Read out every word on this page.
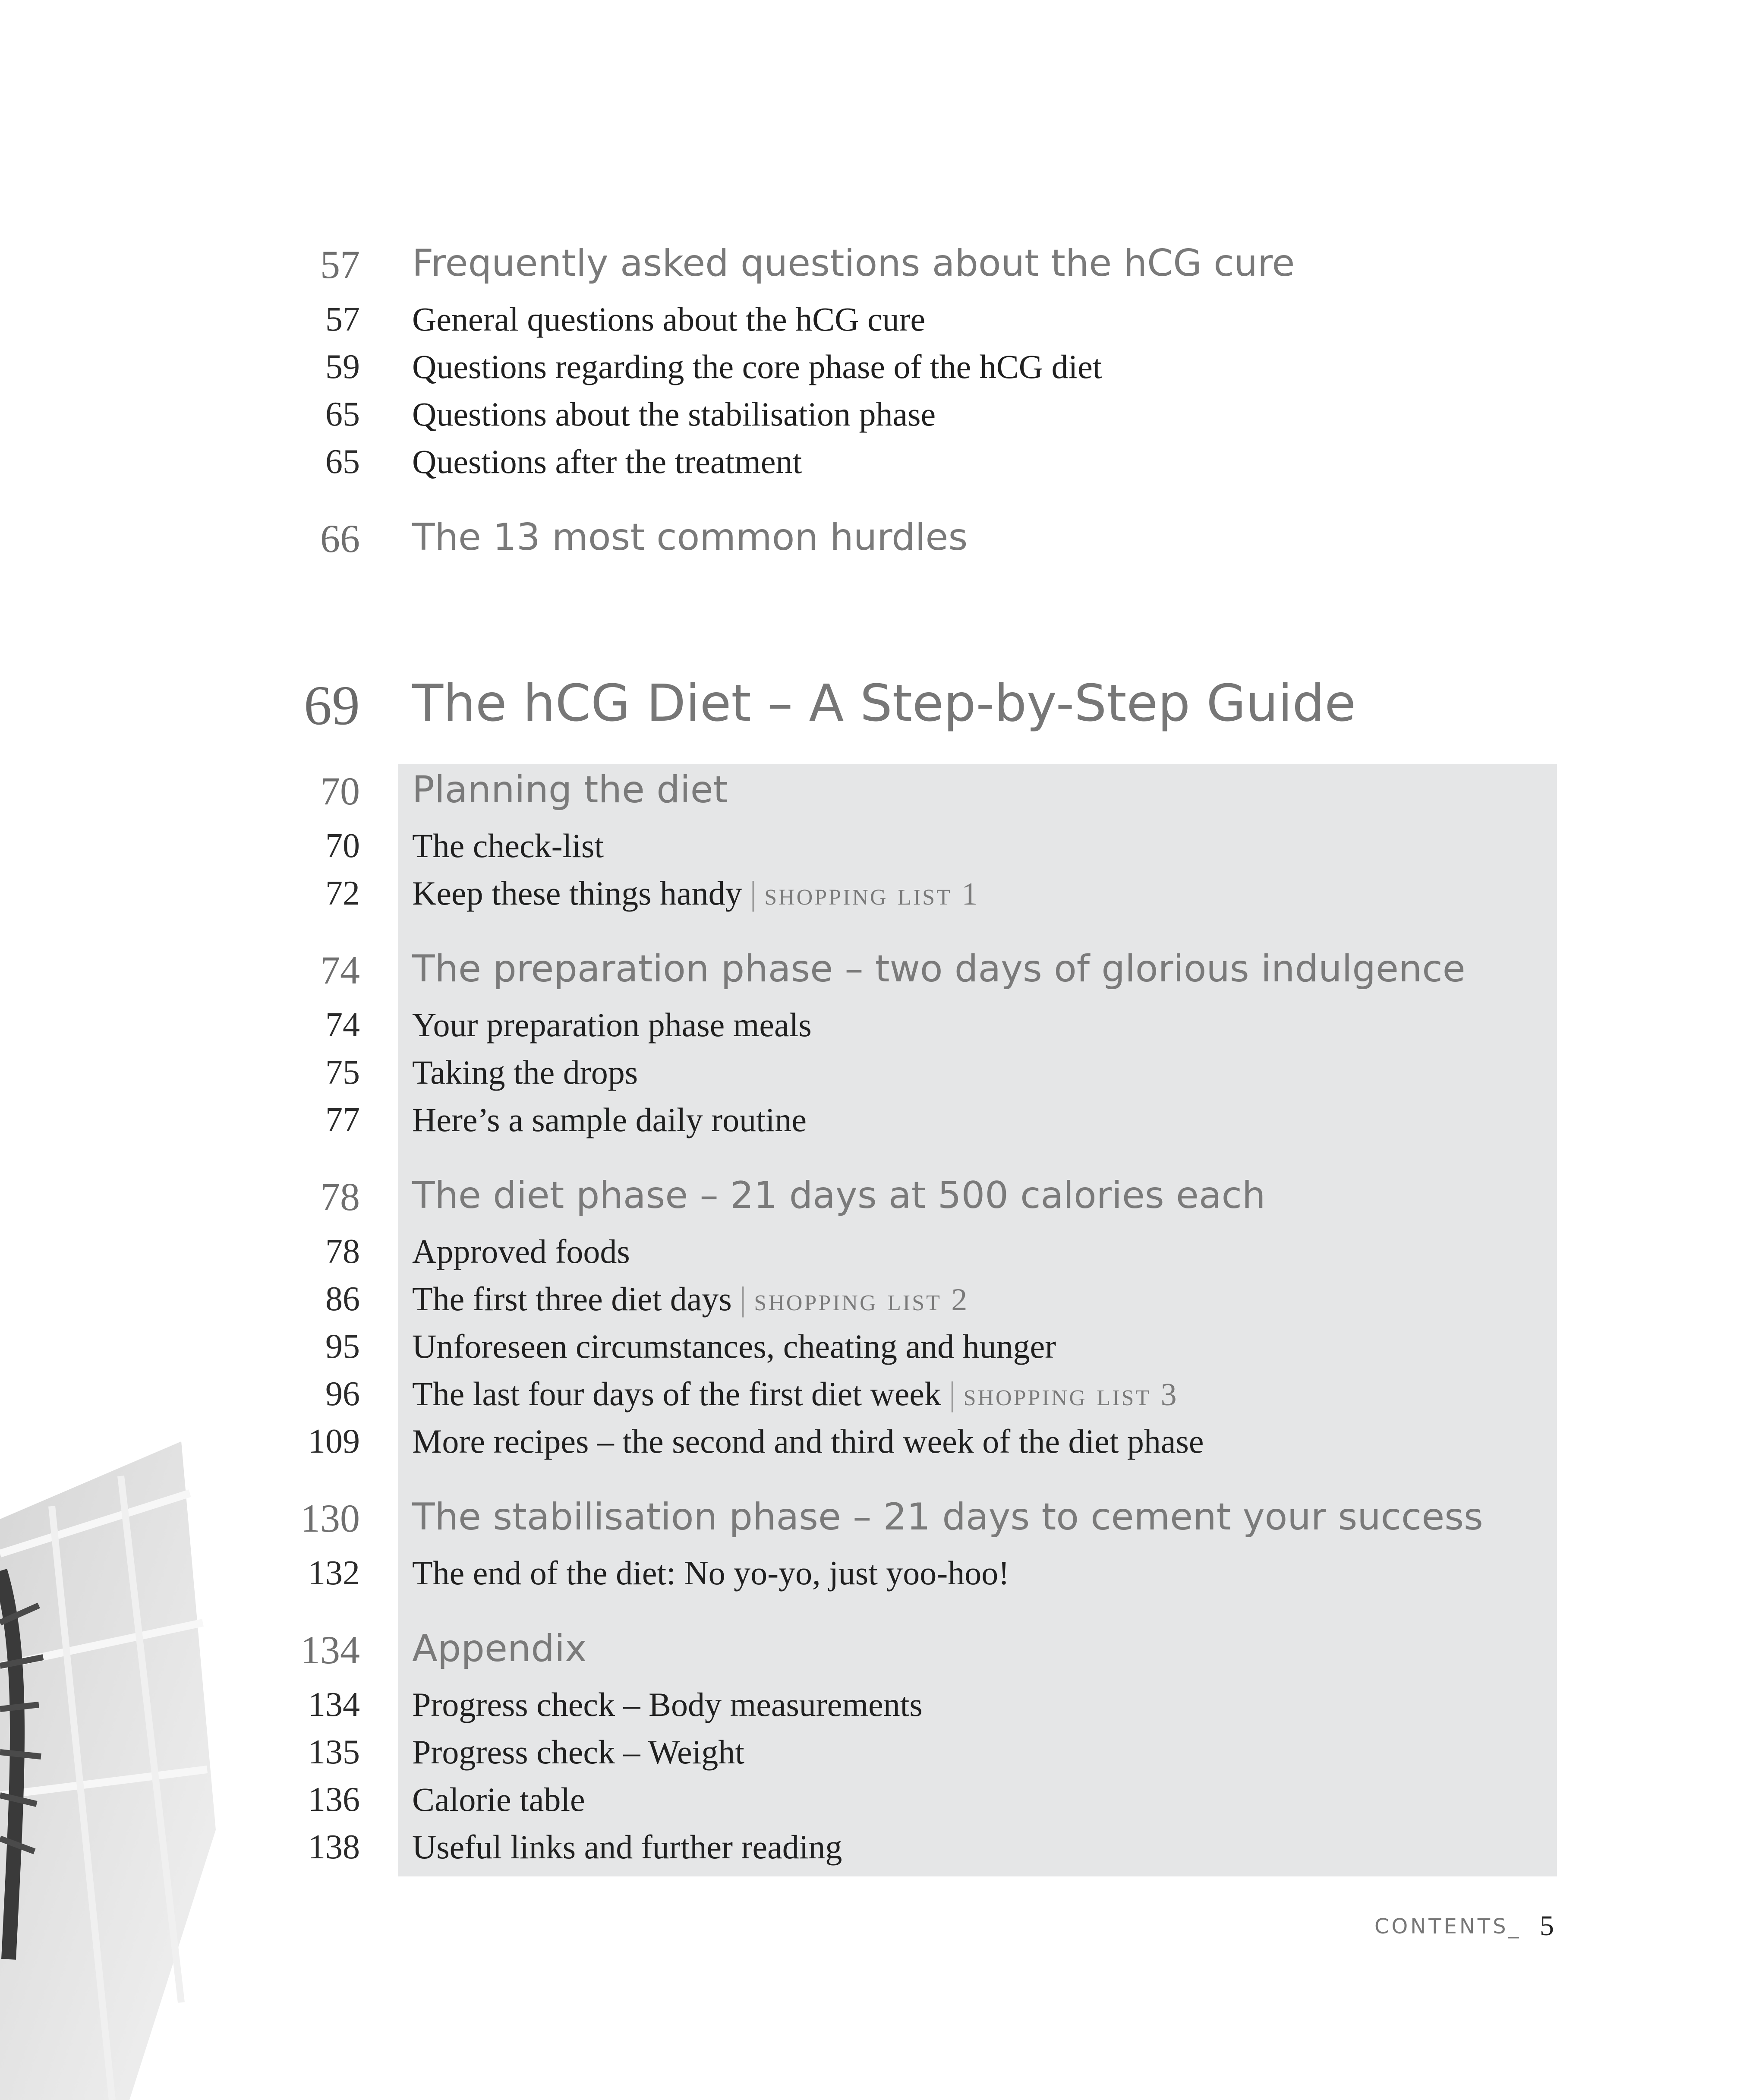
57 Frequently asked questions about the hCG cure
57 General questions about the hCG cure
59 Questions regarding the core phase of the hCG diet
65 Questions about the stabilisation phase
65 Questions after the treatment
66 The 13 most common hurdles
69 The hCG Diet – A Step-by-Step Guide
70 Planning the diet
70 The check-list
72 Keep these things handy | shopping list 1
74 The preparation phase – two days of glorious indulgence
74 Your preparation phase meals
75 Taking the drops
77 Here’s a sample daily routine
78 The diet phase – 21 days at 500 calories each
78 Approved foods
86 The first three diet days | shopping list 2
95 Unforeseen circumstances, cheating and hunger
96 The last four days of the first diet week | shopping list 3
109 More recipes – the second and third week of the diet phase
130 The stabilisation phase – 21 days to cement your success
132 The end of the diet: No yo-yo, just yoo-hoo!
134 Appendix
134 Progress check – Body measurements
135 Progress check – Weight
136 Calorie table
138 Useful links and further reading
CONTENTS_ 5
